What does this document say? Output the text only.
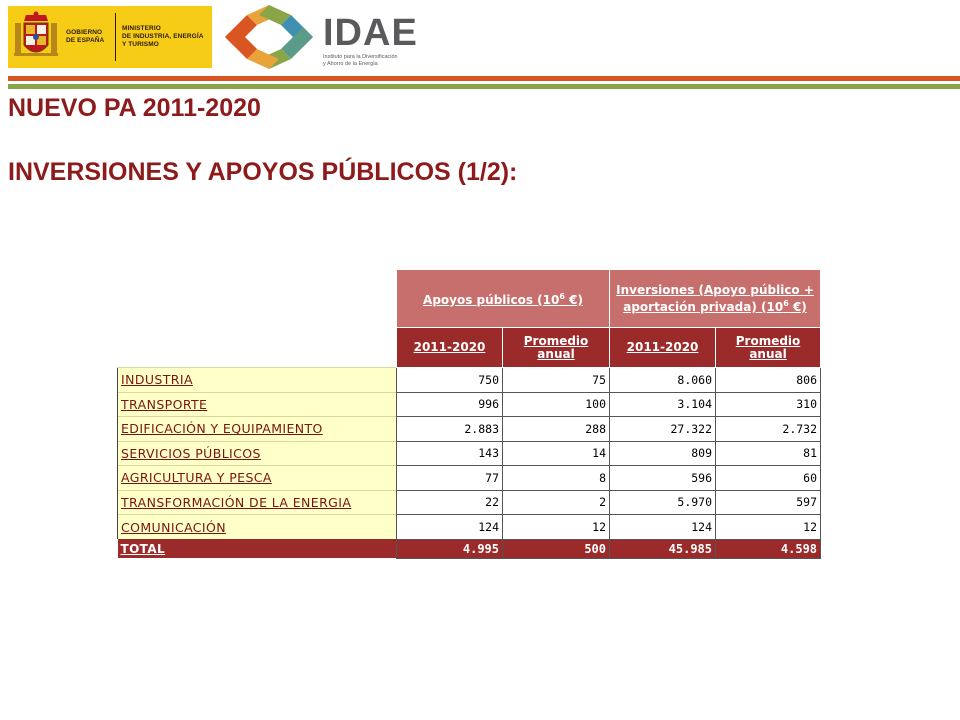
GOBIERNO
DE ESPAÑA
MINISTERIO
DE INDUSTRIA, ENERGÍA
Y TURISMO	IDAE
Instituto para la Diversificación
y Ahorro de la Energía
NUEVO PA 2011-2020
INVERSIONES Y APOYOS PÚBLICOS (1/2):
	Apoyos públicos ($10^6$ €)		Inversiones (Apoyo público + aportación privada) ($10^6$ €)	
	2011-2020	Promedio anual	2011-2020	Promedio anual
INDUSTRIA	750	75	8.060	806
TRANSPORTE	996	100	3.104	310
EDIFICACIÓN Y EQUIPAMIENTO	2.883	288	27.322	2.732
SERVICIOS PÚBLICOS	143	14	809	81
AGRICULTURA Y PESCA	77	8	596	60
TRANSFORMACIÓN DE LA ENERGIA	22	2	5.970	597
COMUNICACIÓN	124	12	124	12
TOTAL	4.995	500	45.985	4.598
